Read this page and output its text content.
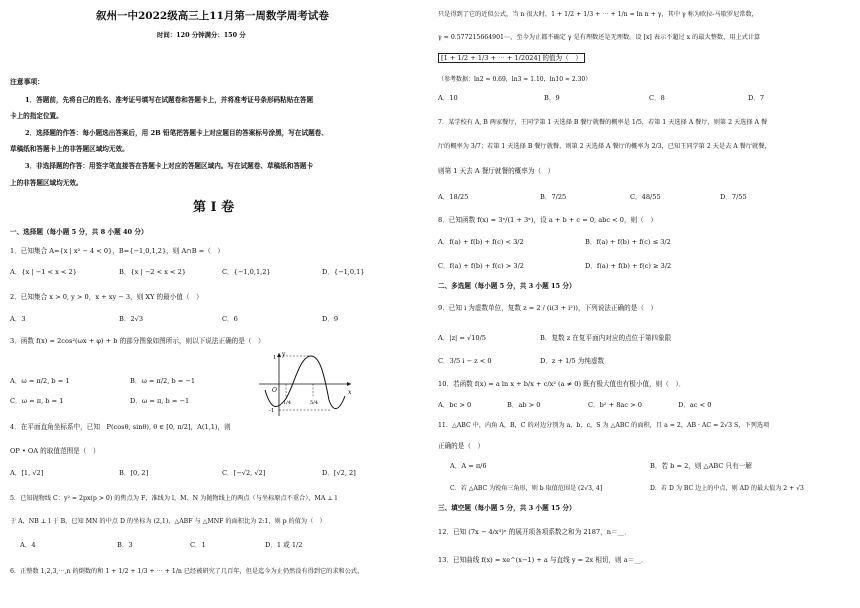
叙州一中2022级高三上11月第一周数学周考试卷
时间：120 分钟满分：150 分
注意事项：
1．答题前，先将自己的姓名、准考证号填写在试题卷和答题卡上，并将准考证号条形码粘贴在答题
卡上的指定位置。
2．选择题的作答：每小题选出答案后，用 2B 铅笔把答题卡上对应题目的答案标号涂黑，写在试题卷、
草稿纸和答题卡上的非答题区域均无效。
3．非选择题的作答：用签字笔直接答在答题卡上对应的答题区域内。写在试题卷、草稿纸和答题卡
上的非答题区域均无效。
第 I 卷
一、选择题（每小题 5 分，共 8 小题 40 分）
1．已知集合 A={x | x² − 4 < 0}，B={−1,0,1,2}，则 A∩B =（　）
A．{x | −1 < x < 2}	B．{x | −2 < x < 2}	C．{−1,0,1,2}	D．{−1,0,1}
2．已知集合 x > 0, y > 0，x + xy − 3，则 XY 的最小值（　）
A．3	B．2√3	C．6	D．9
3．函数 f(x) = 2cos²(ωx + φ) + b 的部分图象如图所示，则以下说法正确的是（　）
A．ω = π/2, b = 1	B．ω = π/2, b = −1
C．ω = π, b = 1	D．ω = π, b = −1
y
x
O
1
-1
1/4	5/4
4．在平面直角坐标系中，已知　P(cosθ, sinθ), θ ∈ [0, π/2]，A(1,1)，则
OP • OA 的取值范围是（　）
A．[1, √2]	B．[0, 2]	C．[−√2, √2]	D．[√2, 2]
5．已知抛物线 C：y² = 2px(p > 0) 的焦点为 F，准线为 l，M、N 为抛物线上的两点（与坐标原点不重合），MA ⊥ l
于 A，NB ⊥ l 于 B，已知 MN 的中点 D 的坐标为 (2,1)，△ABF 与 △MNF 的面积比为 2:1，则 p 的值为（　）
A．4	B．3	C．1	D．1 或 1/2
6．正整数 1,2,3,⋯,n 的倒数的和 1 + 1/2 + 1/3 + ⋯ + 1/n 已经被研究了几百年，但是迄今为止仍然没有得到它的求和公式，
只是得到了它的近似公式，当 n 很大时，1 + 1/2 + 1/3 + ⋯ + 1/n ≈ ln n + γ，其中 γ 称为欧拉-马歇罗尼常数，
γ ≈ 0.577215664901⋯，至今为止都不确定 γ 是有理数还是无理数。设 [x] 表示不超过 x 的最大整数，用上式计算
[1 + 1/2 + 1/3 + ⋯ + 1/2024] 的值为（　）
（参考数据：ln2 ≈ 0.69，ln3 ≈ 1.10，ln10 ≈ 2.30）
A．10	B．9	C．8	D．7
7．某学校有 A, B 两家餐厅，王同学第 1 天选择 B 餐厅就餐的概率是 1/5，若第 1 天选择 A 餐厅，则第 2 天选择 A 餐
厅的概率为 3/7；若第 1 天选择 B 餐厅就餐，则第 2 天选择 A 餐厅的概率为 2/3，已知王同学第 2 天是去 A 餐厅就餐，
则第 1 天去 A 餐厅就餐的概率为（　）
A．18/25	B．7/25	C．48/55	D．7/55
8．已知函数 f(x) = 3ˣ/(1 + 3ˣ)，设 a + b + c = 0, abc < 0，则（　）
A．f(a) + f(b) + f(c) < 3/2	B．f(a) + f(b) + f(c) ≤ 3/2
C．f(a) + f(b) + f(c) > 3/2	D．f(a) + f(b) + f(c) ≥ 3/2
二、多选题（每小题 5 分，共 3 小题 15 分）
9．已知 i 为虚数单位，复数 z = 2 / (i(3 + i²))，下列说法正确的是（　）
A．|z| = √10/5	B．复数 z 在复平面内对应的点位于第四象限
C．3/5 i − z < 0	D．z + 1/5 为纯虚数
10．若函数 f(x) = a ln x + b/x + c/x² (a ≠ 0) 既有极大值也有极小值，则（　）．
A．bc > 0	B．ab > 0	C．b² + 8ac > 0	D．ac < 0
11．△ABC 中，内角 A，B，C 的对边分别为 a，b，c，S 为 △ABC 的面积，且 a = 2，AB · AC = 2√3 S，下列选项
正确的是（　）
A．A = π/6	B．若 b = 2，则 △ABC 只有一解
C．若 △ABC 为锐角三角形，则 b 取值范围是 (2√3, 4]	D．若 D 为 BC 边上的中点，则 AD 的最大值为 2 + √3
三、填空题（每小题 5 分，共 3 小题 15 分）
12．已知 (7x − 4/x³)ⁿ 的展开项各项系数之和为 2187，n＝__．
13．已知曲线 f(x) = xe^(x−1) + a 与直线 y = 2x 相切，则 a＝__．
